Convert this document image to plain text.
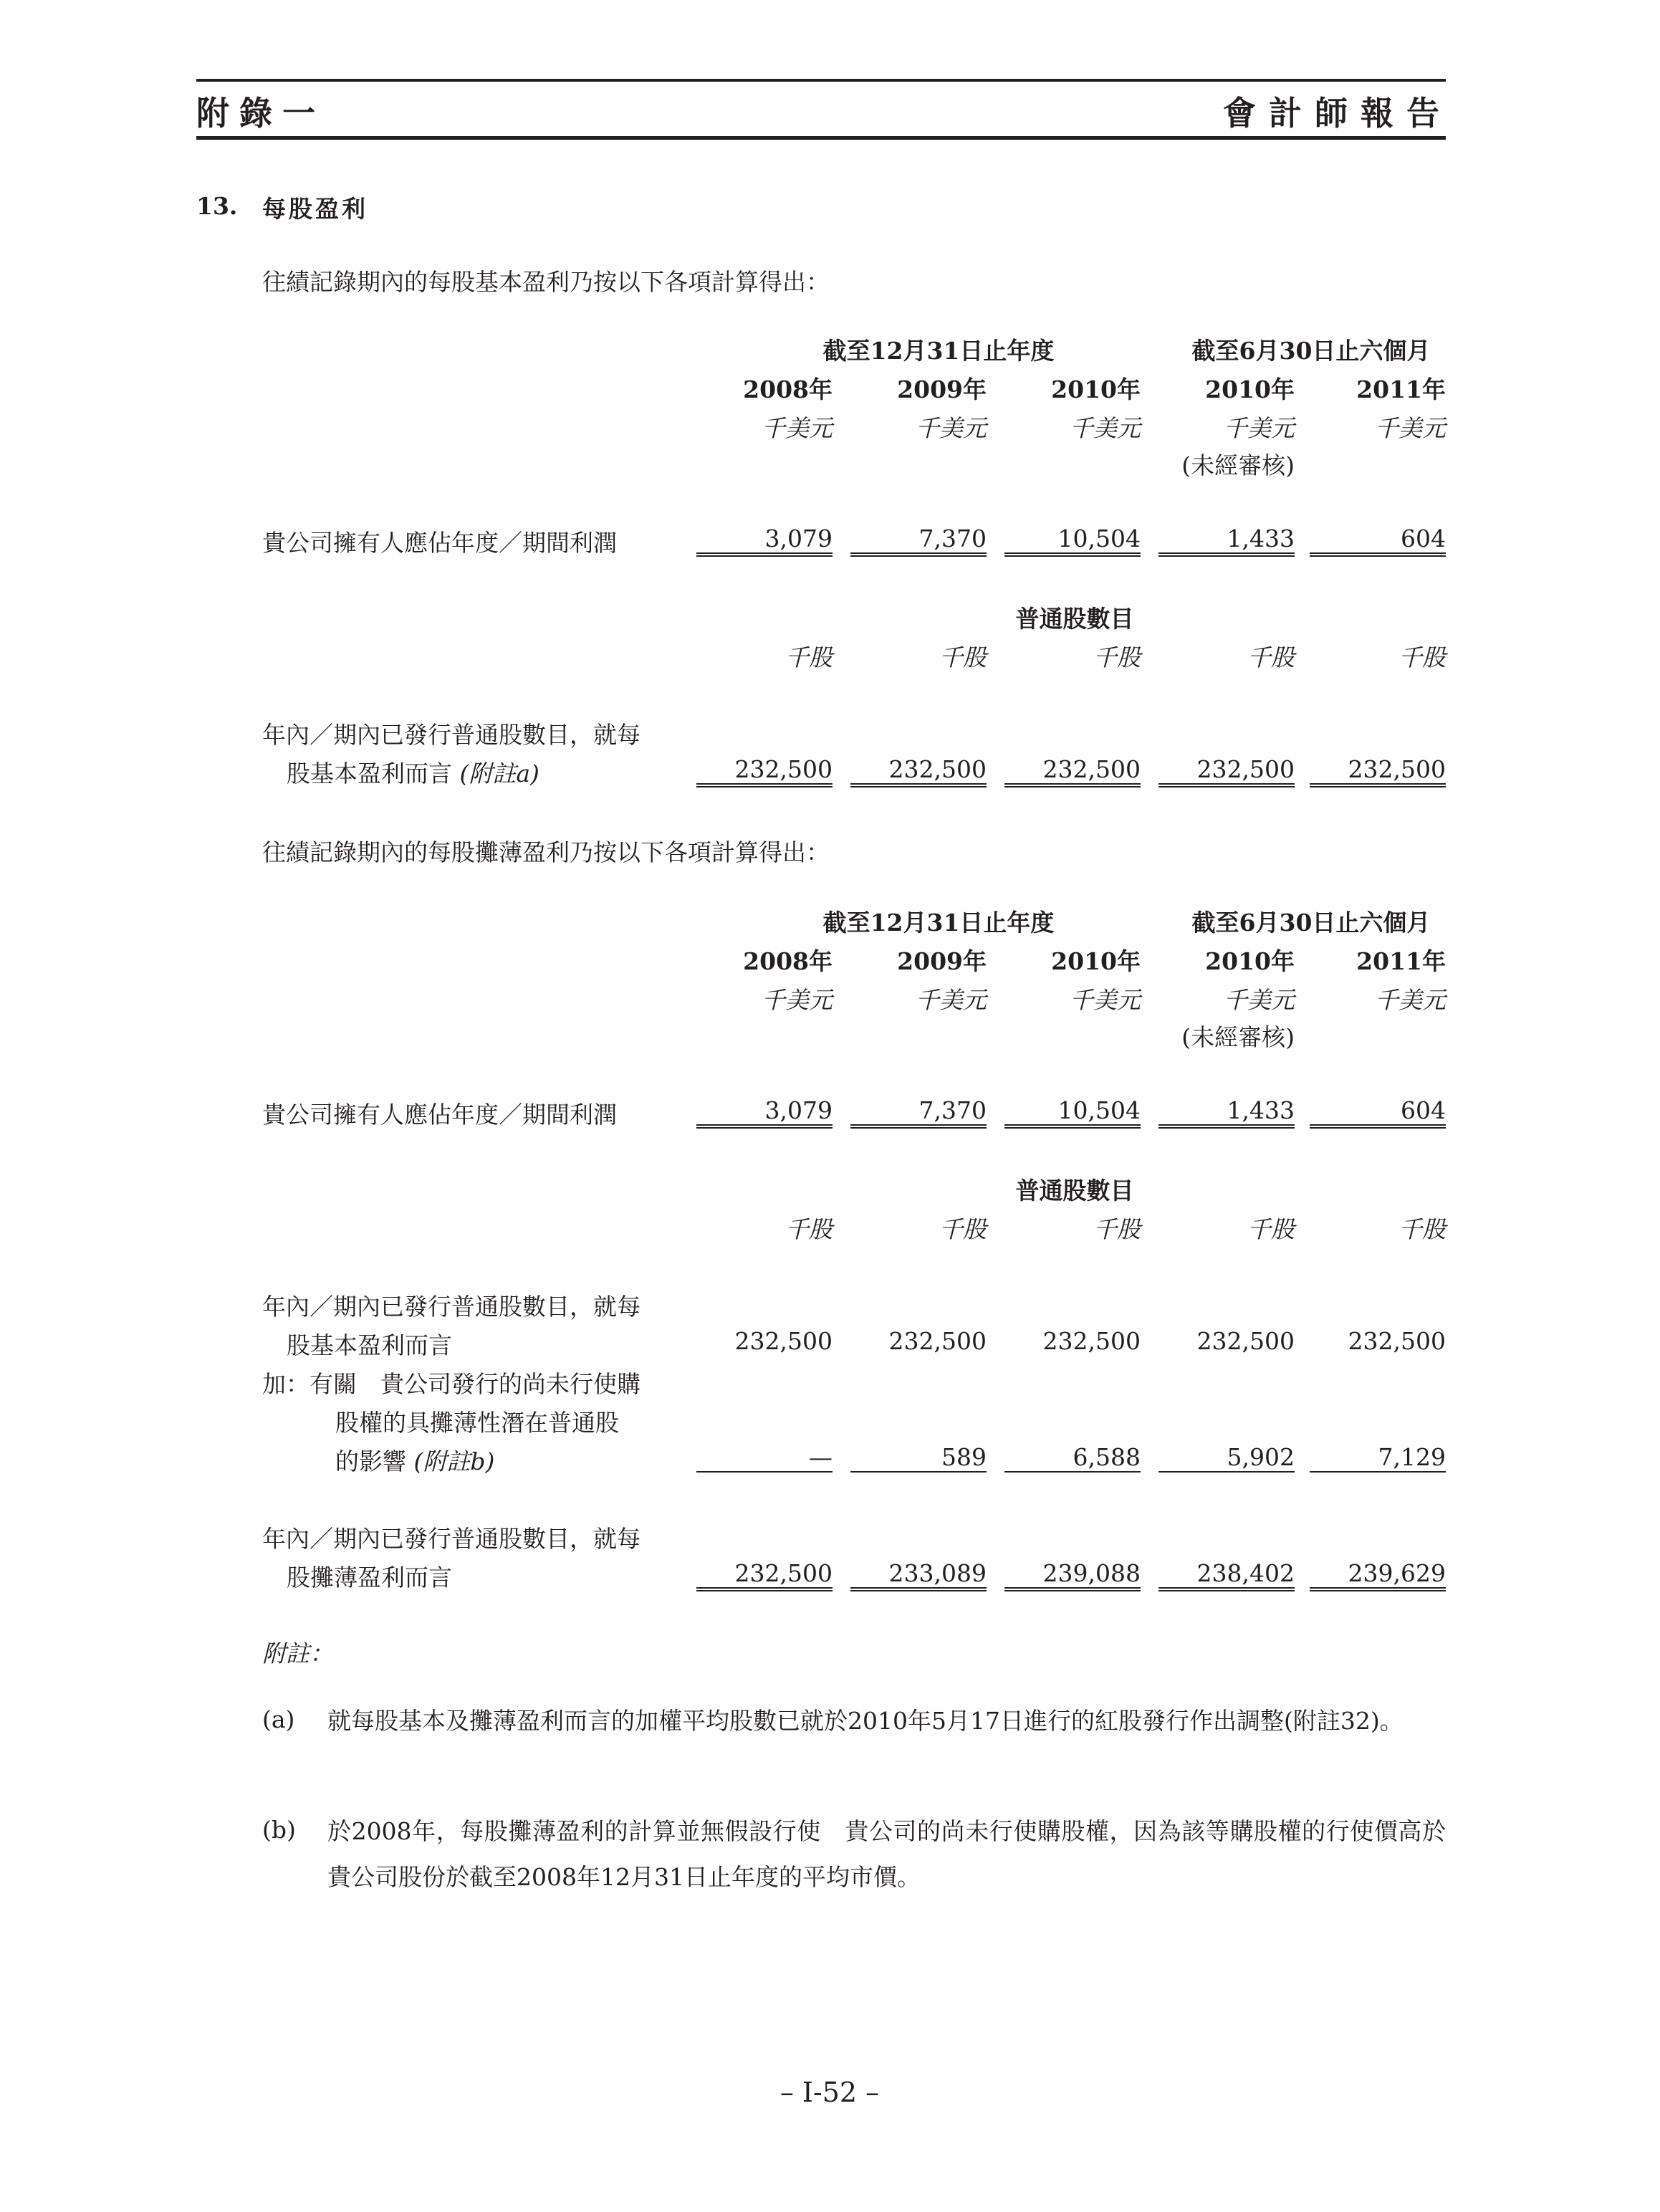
附錄一	會計師報告
13. 每股盈利
往績記錄期內的每股基本盈利乃按以下各項計算得出：
截至12月31日止年度	截至6月30日止六個月
2008年	2009年	2010年	2010年	2011年
千美元	千美元	千美元	千美元	千美元
(未經審核)
貴公司擁有人應佔年度／期間利潤	3,079	7,370	10,504	1,433	604
普通股數目
千股	千股	千股	千股	千股
年內／期內已發行普通股數目，就每
股基本盈利而言 (附註a)	232,500	232,500	232,500	232,500	232,500
往績記錄期內的每股攤薄盈利乃按以下各項計算得出：
截至12月31日止年度	截至6月30日止六個月
2008年	2009年	2010年	2010年	2011年
千美元	千美元	千美元	千美元	千美元
(未經審核)
貴公司擁有人應佔年度／期間利潤	3,079	7,370	10,504	1,433	604
普通股數目
千股	千股	千股	千股	千股
年內／期內已發行普通股數目，就每
股基本盈利而言	232,500	232,500	232,500	232,500	232,500
加：有關　貴公司發行的尚未行使購
股權的具攤薄性潛在普通股
的影響 (附註b)	—	589	6,588	5,902	7,129
年內／期內已發行普通股數目，就每
股攤薄盈利而言	232,500	233,089	239,088	238,402	239,629
附註：
(a) 就每股基本及攤薄盈利而言的加權平均股數已就於2010年5月17日進行的紅股發行作出調整(附註32)。
(b) 於2008年，每股攤薄盈利的計算並無假設行使　貴公司的尚未行使購股權，因為該等購股權的行使價高於　貴公司股份於截至2008年12月31日止年度的平均市價。
– I-52 –
